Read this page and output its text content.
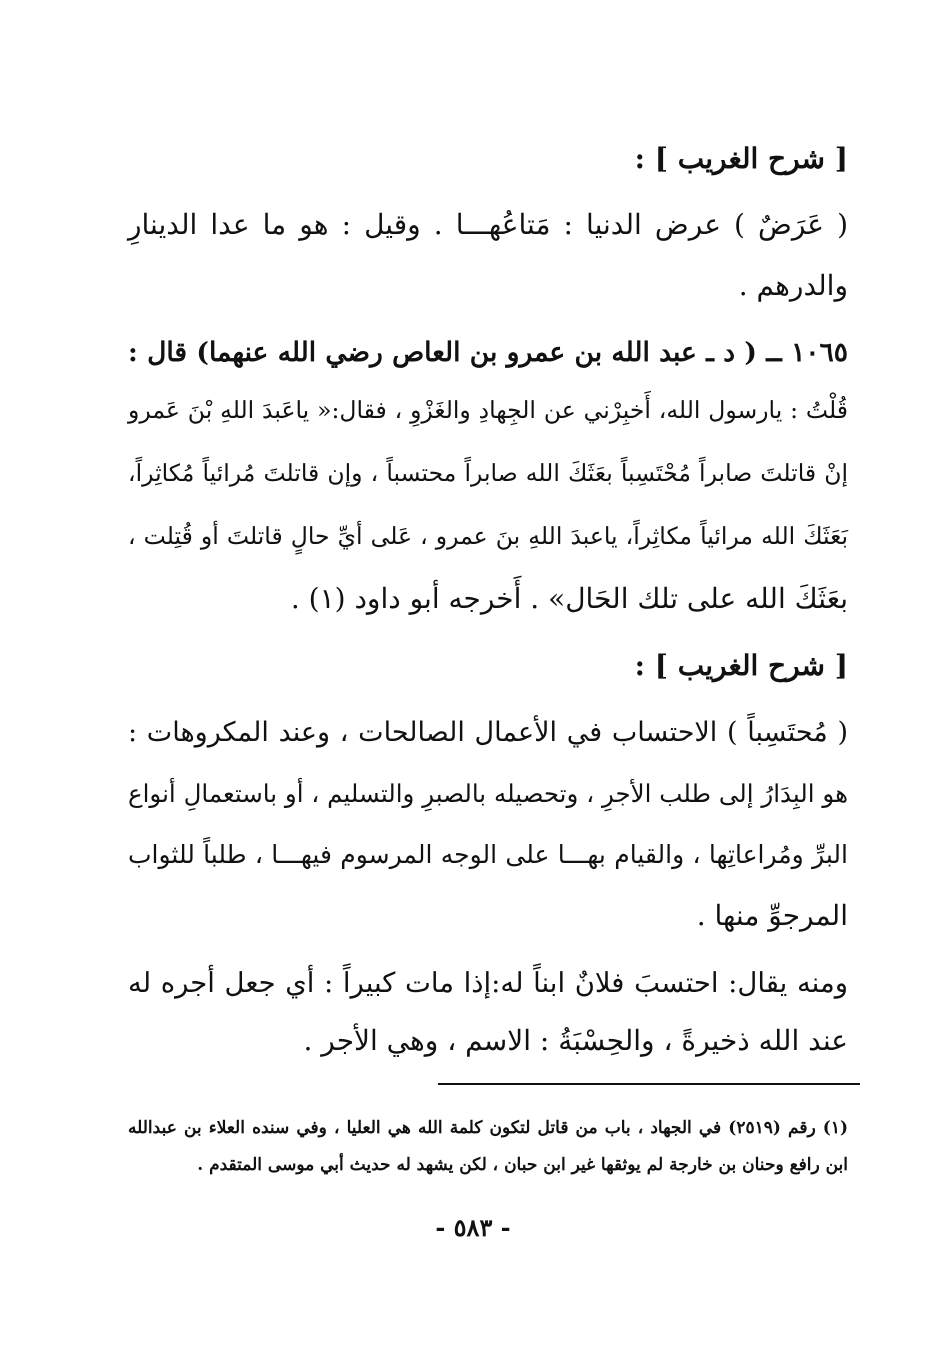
[ شرح الغريب ] :
( عَرَضٌ ) عرض الدنيا : مَتاعُهـــا . وقيل : هو ما عدا الدينارِ
والدرهم .
١٠٦٥ ــ ( د ـ عبد الله بن عمرو بن العاص رضي الله عنهما) قال :
قُلْتُ : يارسول الله، أَخبِرْني عن الجِهادِ والغَزْوِ ، فقال:« ياعَبدَ اللهِ بْنَ عَمرو
إنْ قاتلتَ صابراً مُحْتَسِباً بعَثَكَ الله صابراً محتسباً ، وإن قاتلتَ مُرائياً مُكاثِراً،
بَعَثَكَ الله مرائياً مكاثِراً، ياعبدَ اللهِ بنَ عمرو ، عَلى أيِّ حالٍ قاتلتَ أو قُتِلت ،
بعَثَكَ الله على تلك الحَال» . أَخرجه أبو داود (١) .
[ شرح الغريب ] :
( مُحتَسِباً ) الاحتساب في الأعمال الصالحات ، وعند المكروهات :
هو البِدَارُ إلى طلب الأجرِ ، وتحصيله بالصبرِ والتسليم ، أو باستعمالِ أنواع
البرِّ ومُراعاتِها ، والقيام بهـــا على الوجه المرسوم فيهـــا ، طلباً للثواب
المرجوِّ منها .
ومنه يقال: احتسبَ فلانٌ ابناً له:إذا مات كبيراً : أي جعل أجره له
عند الله ذخيرةً ، والحِسْبَةُ : الاسم ، وهي الأجر .
(١) رقم (٢٥١٩) في الجهاد ، باب من قاتل لتكون كلمة الله هي العليا ، وفي سنده العلاء بن عبدالله
ابن رافع وحنان بن خارجة لم يوثقها غير ابن حبان ، لكن يشهد له حديث أبي موسى المتقدم .
- ٥٨٣ -
